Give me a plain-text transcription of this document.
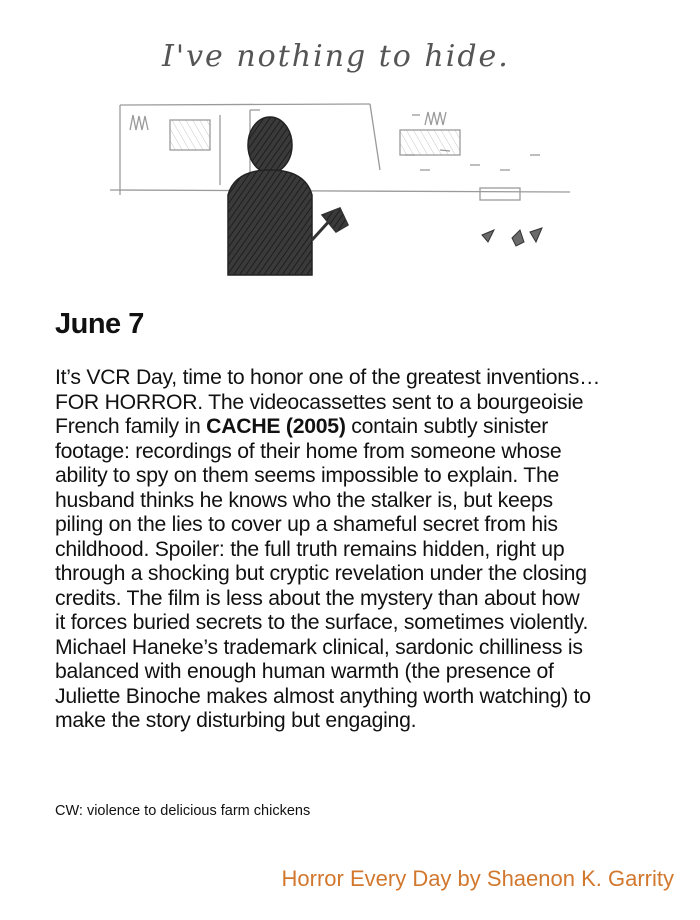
I've nothing to hide.
June 7
It’s VCR Day, time to honor one of the greatest inventions…
FOR HORROR. The videocassettes sent to a bourgeoisie
French family in CACHE (2005) contain subtly sinister
footage: recordings of their home from someone whose
ability to spy on them seems impossible to explain. The
husband thinks he knows who the stalker is, but keeps
piling on the lies to cover up a shameful secret from his
childhood. Spoiler: the full truth remains hidden, right up
through a shocking but cryptic revelation under the closing
credits. The film is less about the mystery than about how
it forces buried secrets to the surface, sometimes violently.
Michael Haneke’s trademark clinical, sardonic chilliness is
balanced with enough human warmth (the presence of
Juliette Binoche makes almost anything worth watching) to
make the story disturbing but engaging.

CW: violence to delicious farm chickens

Horror Every Day by Shaenon K. Garrity
